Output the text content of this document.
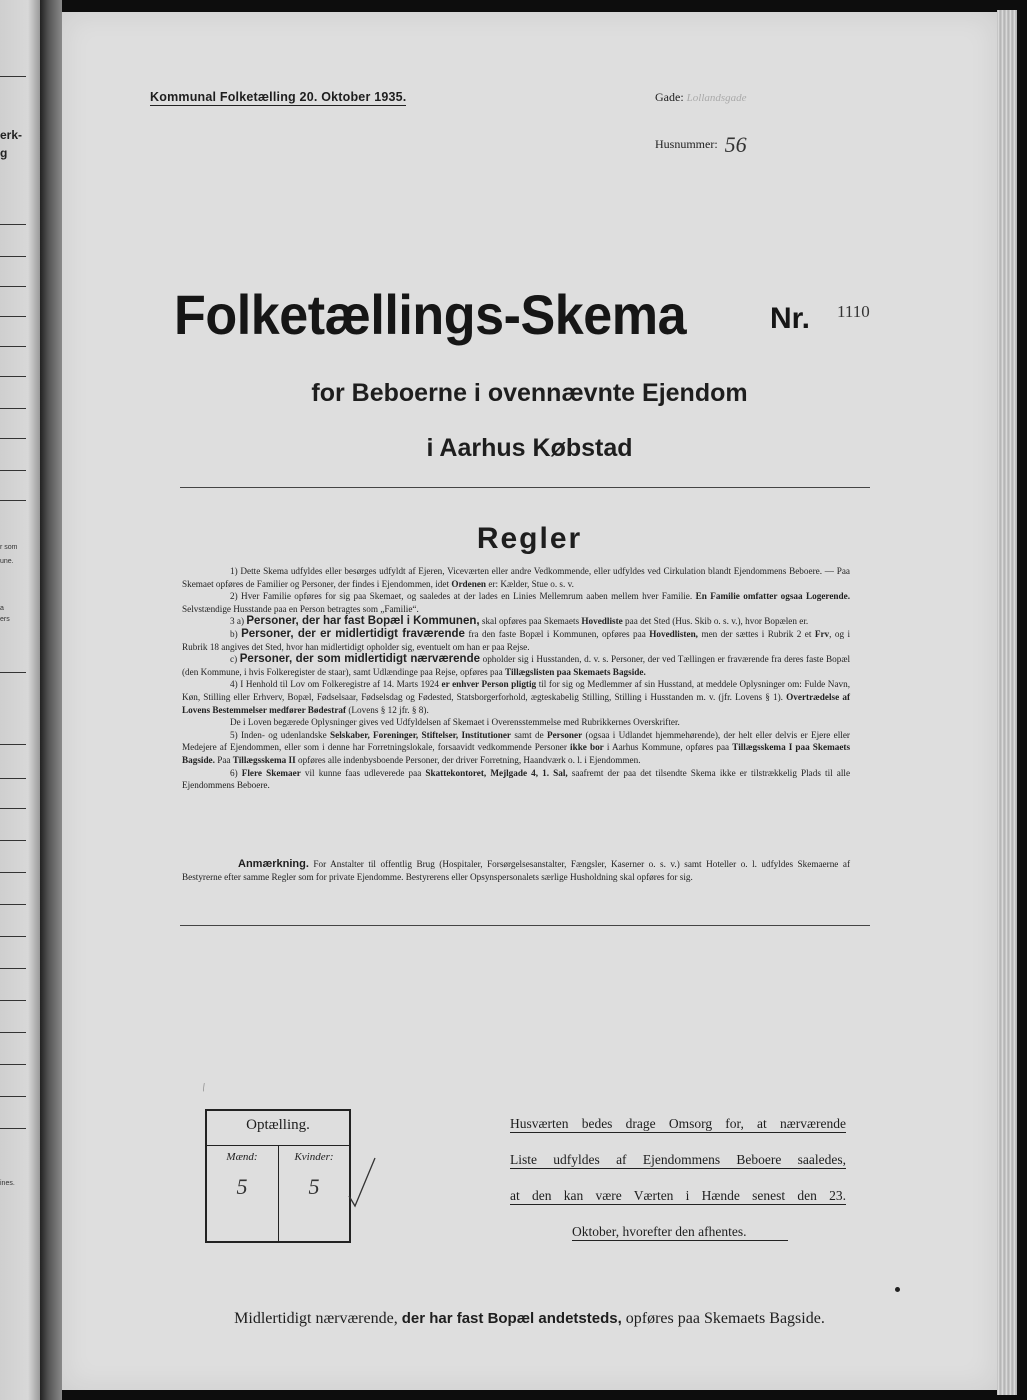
erk-
g
r som
une.
a
ers
ines.
Kommunal Folketælling 20. Oktober 1935.	Gade: Lollandsgade
Husnummer: 56
Folketællings-Skema	Nr. 1110
for Beboerne i ovennævnte Ejendom
i Aarhus Købstad
Regler

1) Dette Skema udfyldes eller besørges udfyldt af Ejeren, Viceværten eller andre Vedkommende, eller udfyldes ved Cirkulation blandt Ejendommens Beboere. — Paa Skemaet opføres de Familier og Personer, der findes i Ejendommen, idet Ordenen er: Kælder, Stue o. s. v.

2) Hver Familie opføres for sig paa Skemaet, og saaledes at der lades en Linies Mellemrum aaben mellem hver Familie. En Familie omfatter ogsaa Logerende. Selvstændige Husstande paa en Person betragtes som „Familie“.

3 a) Personer, der har fast Bopæl i Kommunen, skal opføres paa Skemaets Hovedliste paa det Sted (Hus. Skib o. s. v.), hvor Bopælen er.

b) Personer, der er midlertidigt fraværende fra den faste Bopæl i Kommunen, opføres paa Hovedlisten, men der sættes i Rubrik 2 et Frv, og i Rubrik 18 angives det Sted, hvor han midlertidigt opholder sig, eventuelt om han er paa Rejse.

c) Personer, der som midlertidigt nærværende opholder sig i Husstanden, d. v. s. Personer, der ved Tællingen er fraværende fra deres faste Bopæl (den Kommune, i hvis Folkeregister de staar), samt Udlændinge paa Rejse, opføres paa Tillægslisten paa Skemaets Bagside.

4) I Henhold til Lov om Folkeregistre af 14. Marts 1924 er enhver Person pligtig til for sig og Medlemmer af sin Husstand, at meddele Oplysninger om: Fulde Navn, Køn, Stilling eller Erhverv, Bopæl, Fødselsaar, Fødselsdag og Fødested, Statsborgerforhold, ægteskabelig Stilling, Stilling i Husstanden m. v. (jfr. Lovens § 1). Overtrædelse af Lovens Bestemmelser medfører Bødestraf (Lovens § 12 jfr. § 8).

De i Loven begærede Oplysninger gives ved Udfyldelsen af Skemaet i Overensstemmelse med Rubrikkernes Overskrifter.

5) Inden- og udenlandske Selskaber, Foreninger, Stiftelser, Institutioner samt de Personer (ogsaa i Udlandet hjemmehørende), der helt eller delvis er Ejere eller Medejere af Ejendommen, eller som i denne har Forretningslokale, forsaavidt vedkommende Personer ikke bor i Aarhus Kommune, opføres paa Tillægsskema I paa Skemaets Bagside. Paa Tillægsskema II opføres alle indenbysboende Personer, der driver Forretning, Haandværk o. l. i Ejendommen.

6) Flere Skemaer vil kunne faas udleverede paa Skattekontoret, Mejlgade 4, 1. Sal, saafremt der paa det tilsendte Skema ikke er tilstrækkelig Plads til alle Ejendommens Beboere.

Anmærkning. For Anstalter til offentlig Brug (Hospitaler, Forsørgelsesanstalter, Fængsler, Kaserner o. s. v.) samt Hoteller o. l. udfyldes Skemaerne af Bestyrerne efter samme Regler som for private Ejendomme. Bestyrerens eller Opsynspersonalets særlige Husholdning skal opføres for sig.

\
Optælling.
Mænd:
5
Kvinder:
5
Husværten bedes drage Omsorg for, at nærværende
Liste udfyldes af Ejendommens Beboere saaledes,
at den kan være Værten i Hænde senest den 23.
Oktober, hvorefter den afhentes.
Midlertidigt nærværende, der har fast Bopæl andetsteds, opføres paa Skemaets Bagside.
